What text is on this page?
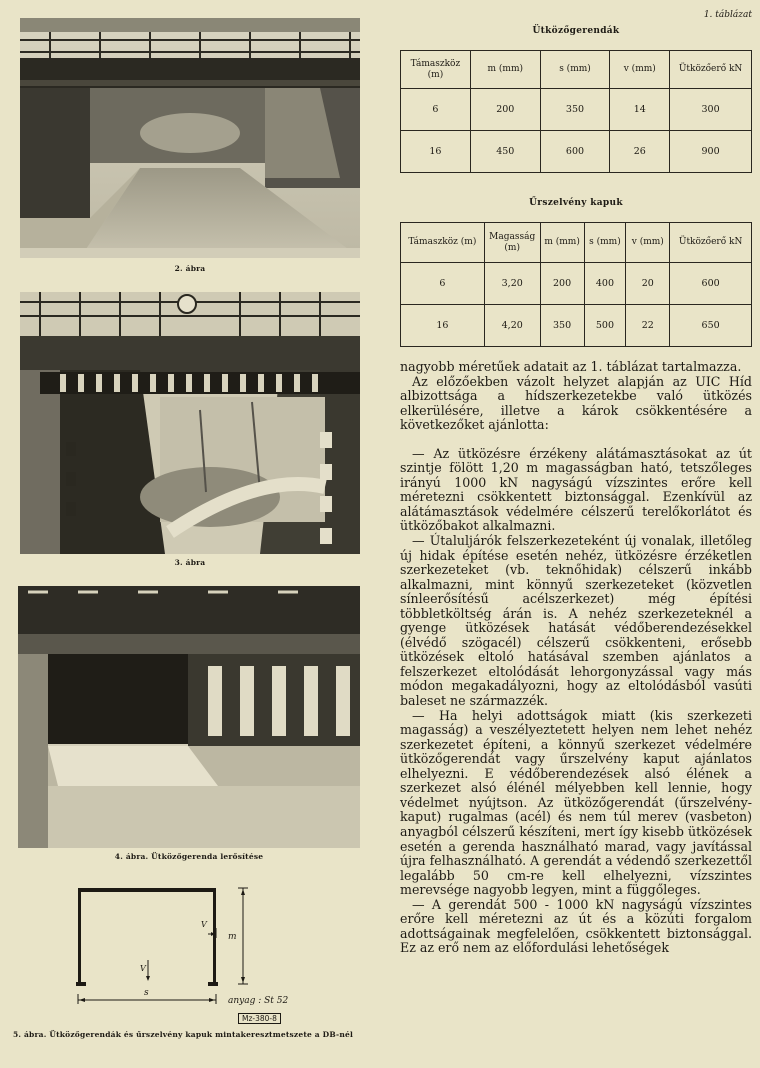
1. táblázat
2. ábra
3. ábra
4. ábra. Ütközőgerenda lerősítése
V
m
V
s
anyag : St 52
Mz-380-8
5. ábra. Ütközőgerendák és űrszelvény kapuk mintakeresztmetszete a DB-nél
Ütközőgerendák
Támaszköz (m)	m (mm)	s (mm)	v (mm)	Ütközőerő kN
6	200	350	14	300
16	450	600	26	900
Űrszelvény kapuk
Támaszköz (m)	Magasság (m)	m (mm)	s (mm)	v (mm)	Ütközőerő kN
6	3,20	200	400	20	600
16	4,20	350	500	22	650

nagyobb méretűek adatait az 1. táblázat tartalmazza.

Az előzőekben vázolt helyzet alapján az UIC Híd albizottsága a hídszerkezetekbe való ütközés elkerülésére, illetve a károk csökkentésére a következőket ajánlotta:

— Az ütközésre érzékeny alátámasztásokat az út szintje fölött 1,20 m magasságban ható, tetszőleges irányú 1000 kN nagyságú vízszintes erőre kell méretezni csökkentett biztonsággal. Ezenkívül az alátámasztások védelmére célszerű terelőkorlátot és ütközőbakot alkalmazni.

— Útaluljárók felszerkezeteként új vonalak, illetőleg új hidak építése esetén nehéz, ütközésre érzéketlen szerkezeteket (vb. teknőhidak) célszerű inkább alkalmazni, mint könnyű szerkezeteket (közvetlen sínleerősítésű acélszerkezet) még építési többletköltség árán is. A nehéz szerkezeteknél a gyenge ütközések hatását védőberendezésekkel (élvédő szögacél) célszerű csökkenteni, erősebb ütközések eltoló hatásával szemben ajánlatos a felszerkezet eltolódását lehorgonyzással vagy más módon megakadályozni, hogy az eltolódásból vasúti baleset ne származzék.

— Ha helyi adottságok miatt (kis szerkezeti magasság) a veszélyeztetett helyen nem lehet nehéz szerkezetet építeni, a könnyű szerkezet védelmére ütközőgerendát vagy űrszelvény kaput ajánlatos elhelyezni. E védőberendezések alsó élének a szerkezet alsó élénél mélyebben kell lennie, hogy védelmet nyújtson. Az ütközőgerendát (űrszelvény-kaput) rugalmas (acél) és nem túl merev (vasbeton) anyagból célszerű készíteni, mert így kisebb ütközések esetén a gerenda használható marad, vagy javítással újra felhasználható. A gerendát a védendő szerkezettől legalább 50 cm-re kell elhelyezni, vízszintes merevsége nagyobb legyen, mint a függőleges.

— A gerendát 500 - 1000 kN nagyságú vízszintes erőre kell méretezni az út és a közúti forgalom adottságainak megfelelően, csökkentett biztonsággal. Ez az erő nem az előfordulási lehetőségek
